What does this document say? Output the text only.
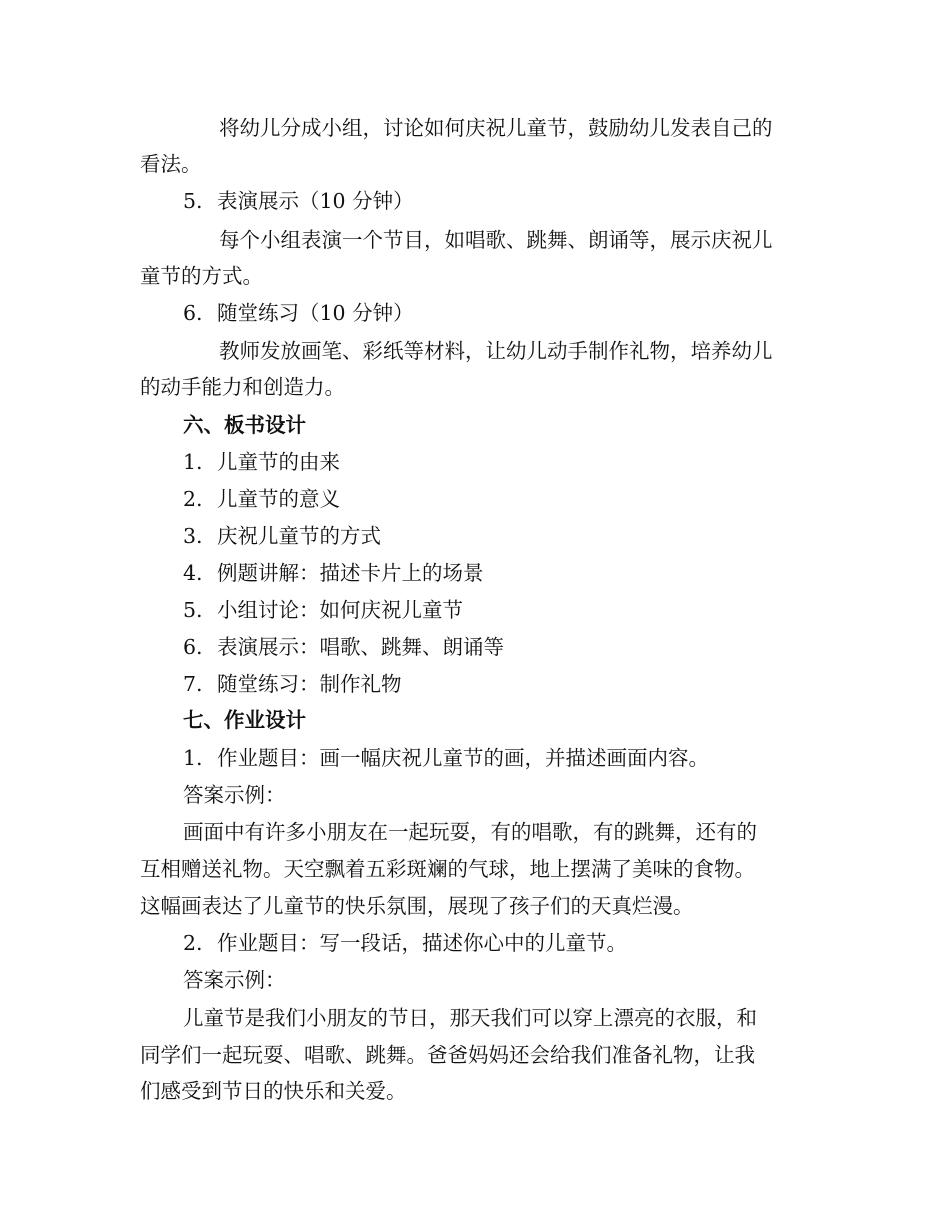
将幼儿分成小组，讨论如何庆祝儿童节，鼓励幼儿发表自己的
看法。
5. 表演展示（10 分钟）
每个小组表演一个节目，如唱歌、跳舞、朗诵等，展示庆祝儿
童节的方式。
6. 随堂练习（10 分钟）
教师发放画笔、彩纸等材料，让幼儿动手制作礼物，培养幼儿
的动手能力和创造力。
六、板书设计
1. 儿童节的由来
2. 儿童节的意义
3. 庆祝儿童节的方式
4. 例题讲解：描述卡片上的场景
5. 小组讨论：如何庆祝儿童节
6. 表演展示：唱歌、跳舞、朗诵等
7. 随堂练习：制作礼物
七、作业设计
1. 作业题目：画一幅庆祝儿童节的画，并描述画面内容。
答案示例：
画面中有许多小朋友在一起玩耍，有的唱歌，有的跳舞，还有的
互相赠送礼物。天空飘着五彩斑斓的气球，地上摆满了美味的食物。
这幅画表达了儿童节的快乐氛围，展现了孩子们的天真烂漫。
2. 作业题目：写一段话，描述你心中的儿童节。
答案示例：
儿童节是我们小朋友的节日，那天我们可以穿上漂亮的衣服，和
同学们一起玩耍、唱歌、跳舞。爸爸妈妈还会给我们准备礼物，让我
们感受到节日的快乐和关爱。
